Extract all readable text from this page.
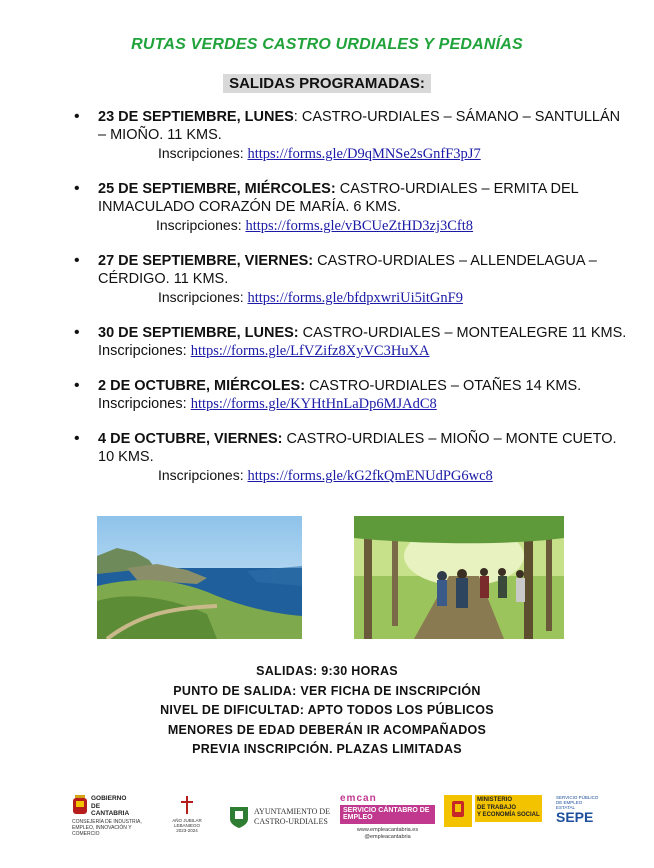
RUTAS VERDES CASTRO URDIALES Y PEDANÍAS
SALIDAS PROGRAMADAS:
• 23 DE SEPTIEMBRE, LUNES: CASTRO-URDIALES – SÁMANO – SANTULLÁN – MIOÑO. 11 KMS.
Inscripciones: https://forms.gle/D9qMNSe2sGnfF3pJ7
• 25 DE SEPTIEMBRE, MIÉRCOLES: CASTRO-URDIALES – ERMITA DEL INMACULADO CORAZÓN DE MARÍA. 6 KMS.
Inscripciones: https://forms.gle/vBCUeZtHD3zj3Cft8
• 27 DE SEPTIEMBRE, VIERNES: CASTRO-URDIALES – ALLENDELAGUA – CÉRDIGO. 11 KMS.
Inscripciones: https://forms.gle/bfdpxwriUi5itGnF9
• 30 DE SEPTIEMBRE, LUNES: CASTRO-URDIALES – MONTEALEGRE 11 KMS. Inscripciones: https://forms.gle/LfVZifz8XyVC3HuXA
• 2 DE OCTUBRE, MIÉRCOLES: CASTRO-URDIALES – OTAÑES 14 KMS. Inscripciones: https://forms.gle/KYHtHnLaDp6MJAdC8
• 4 DE OCTUBRE, VIERNES: CASTRO-URDIALES – MIOÑO – MONTE CUETO. 10 KMS.
Inscripciones: https://forms.gle/kG2fkQmENUdPG6wc8
SALIDAS: 9:30 HORAS
PUNTO DE SALIDA: VER FICHA DE INSCRIPCIÓN
NIVEL DE DIFICULTAD: APTO TODOS LOS PÚBLICOS
MENORES DE EDAD DEBERÁN IR ACOMPAÑADOS
PREVIA INSCRIPCIÓN. PLAZAS LIMITADAS
GOBIERNO
DE
CANTABRIA
CONSEJERÍA DE INDUSTRIA, EMPLEO, INNOVACIÓN Y COMERCIO
AÑO JUBILAR
LEBANIEGO
2023-2024
AYUNTAMIENTO DE
CASTRO-URDIALES
emcan
SERVICIO CÁNTABRO DE EMPLEO
www.empleacantabria.es
@empleacantabria
MINISTERIO
DE TRABAJO
Y ECONOMÍA SOCIAL
SERVICIO PÚBLICO DE EMPLEO ESTATAL
SEPE
